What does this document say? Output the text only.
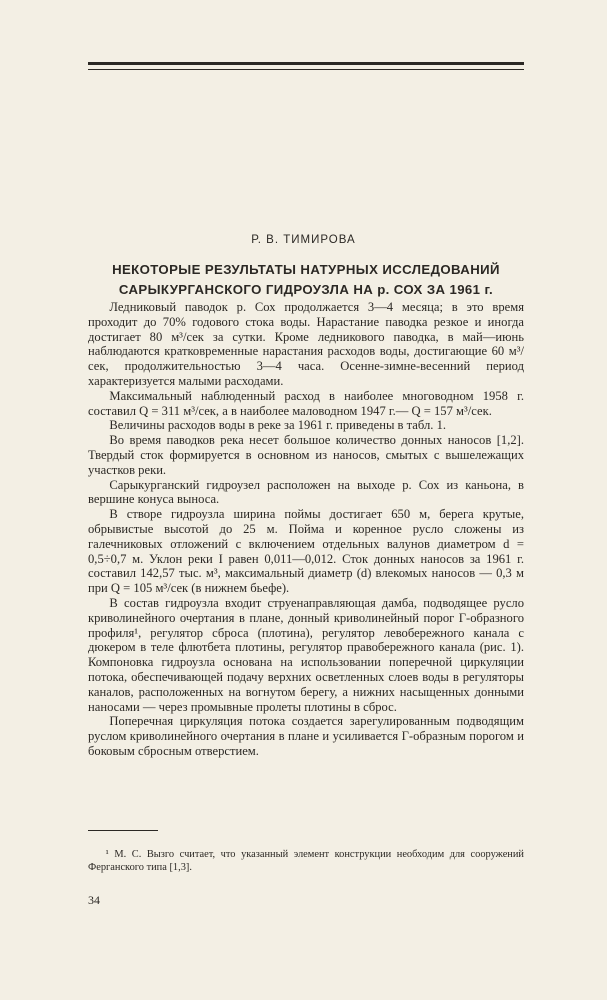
Р. В. ТИМИРОВА
НЕКОТОРЫЕ РЕЗУЛЬТАТЫ НАТУРНЫХ ИССЛЕДОВАНИЙ САРЫКУРГАНСКОГО ГИДРОУЗЛА НА р. СОХ ЗА 1961 г.

Ледниковый паводок р. Сох продолжается 3—4 месяца; в это время проходит до 70% годового стока воды. Нарастание паводка резкое и иногда достигает 80 м³/сек за сутки. Кроме ледникового паводка, в май—июнь наблюдаются кратковременные нарастания расходов воды, достигающие 60 м³/сек, продолжительностью 3—4 часа. Осенне-зимне-весенний период характеризуется малыми расходами.

Максимальный наблюденный расход в наиболее многоводном 1958 г. составил Q = 311 м³/сек, а в наиболее маловодном 1947 г.— Q = 157 м³/сек.

Величины расходов воды в реке за 1961 г. приведены в табл. 1.

Во время паводков река несет большое количество донных наносов [1,2]. Твердый сток формируется в основном из наносов, смытых с вышележащих участков реки.

Сарыкурганский гидроузел расположен на выходе р. Сох из каньона, в вершине конуса выноса.

В створе гидроузла ширина поймы достигает 650 м, берега крутые, обрывистые высотой до 25 м. Пойма и коренное русло сложены из галечниковых отложений с включением отдельных валунов диаметром d = 0,5÷0,7 м. Уклон реки I равен 0,011—0,012. Сток донных наносов за 1961 г. составил 142,57 тыс. м³, максимальный диаметр (d) влекомых наносов — 0,3 м при Q = 105 м³/сек (в нижнем бьефе).

В состав гидроузла входит струенаправляющая дамба, подводящее русло криволинейного очертания в плане, донный криволинейный порог Г-образного профиля¹, регулятор сброса (плотина), регулятор левобережного канала с дюкером в теле флютбета плотины, регулятор правобережного канала (рис. 1). Компоновка гидроузла основана на использовании поперечной циркуляции потока, обеспечивающей подачу верхних осветленных слоев воды в регуляторы каналов, расположенных на вогнутом берегу, а нижних насыщенных донными наносами — через промывные пролеты плотины в сброс.

Поперечная циркуляция потока создается зарегулированным подводящим руслом криволинейного очертания в плане и усиливается Г-образным порогом и боковым сбросным отверстием.

¹ М. С. Вызго считает, что указанный элемент конструкции необходим для сооружений Ферганского типа [1,3].
34
